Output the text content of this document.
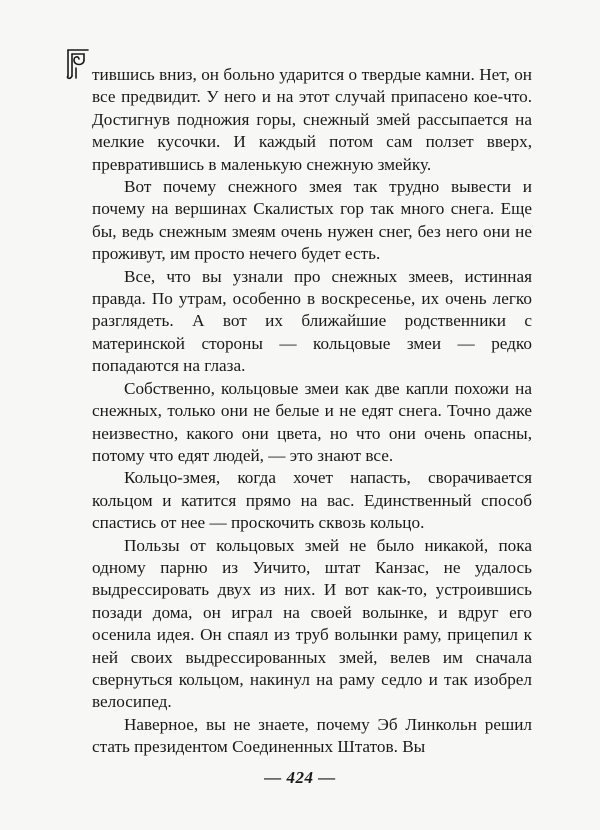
тившись вниз, он больно ударится о твердые камни. Нет, он все предвидит. У него и на этот случай припасено кое-что. Достигнув подножия горы, снежный змей рассыпается на мелкие кусочки. И каждый потом сам ползет вверх, превратившись в маленькую снежную змейку.

Вот почему снежного змея так трудно вывести и почему на вершинах Скалистых гор так много снега. Еще бы, ведь снежным змеям очень нужен снег, без него они не проживут, им просто нечего будет есть.

Все, что вы узнали про снежных змеев, истинная правда. По утрам, особенно в воскресенье, их очень легко разглядеть. А вот их ближайшие родственники с материнской стороны — кольцовые змеи — редко попадаются на глаза.

Собственно, кольцовые змеи как две капли похожи на снежных, только они не белые и не едят снега. Точно даже неизвестно, какого они цвета, но что они очень опасны, потому что едят людей, — это знают все.

Кольцо-змея, когда хочет напасть, сворачивается кольцом и катится прямо на вас. Единственный способ спастись от нее — проскочить сквозь кольцо.

Пользы от кольцовых змей не было никакой, пока одному парню из Уичито, штат Канзас, не удалось выдрессировать двух из них. И вот как-то, устроившись позади дома, он играл на своей волынке, и вдруг его осенила идея. Он спаял из труб волынки раму, прицепил к ней своих выдрессированных змей, велев им сначала свернуться кольцом, накинул на раму седло и так изобрел велосипед.

Наверное, вы не знаете, почему Эб Линкольн решил стать президентом Соединенных Штатов. Вы

— 424 —
